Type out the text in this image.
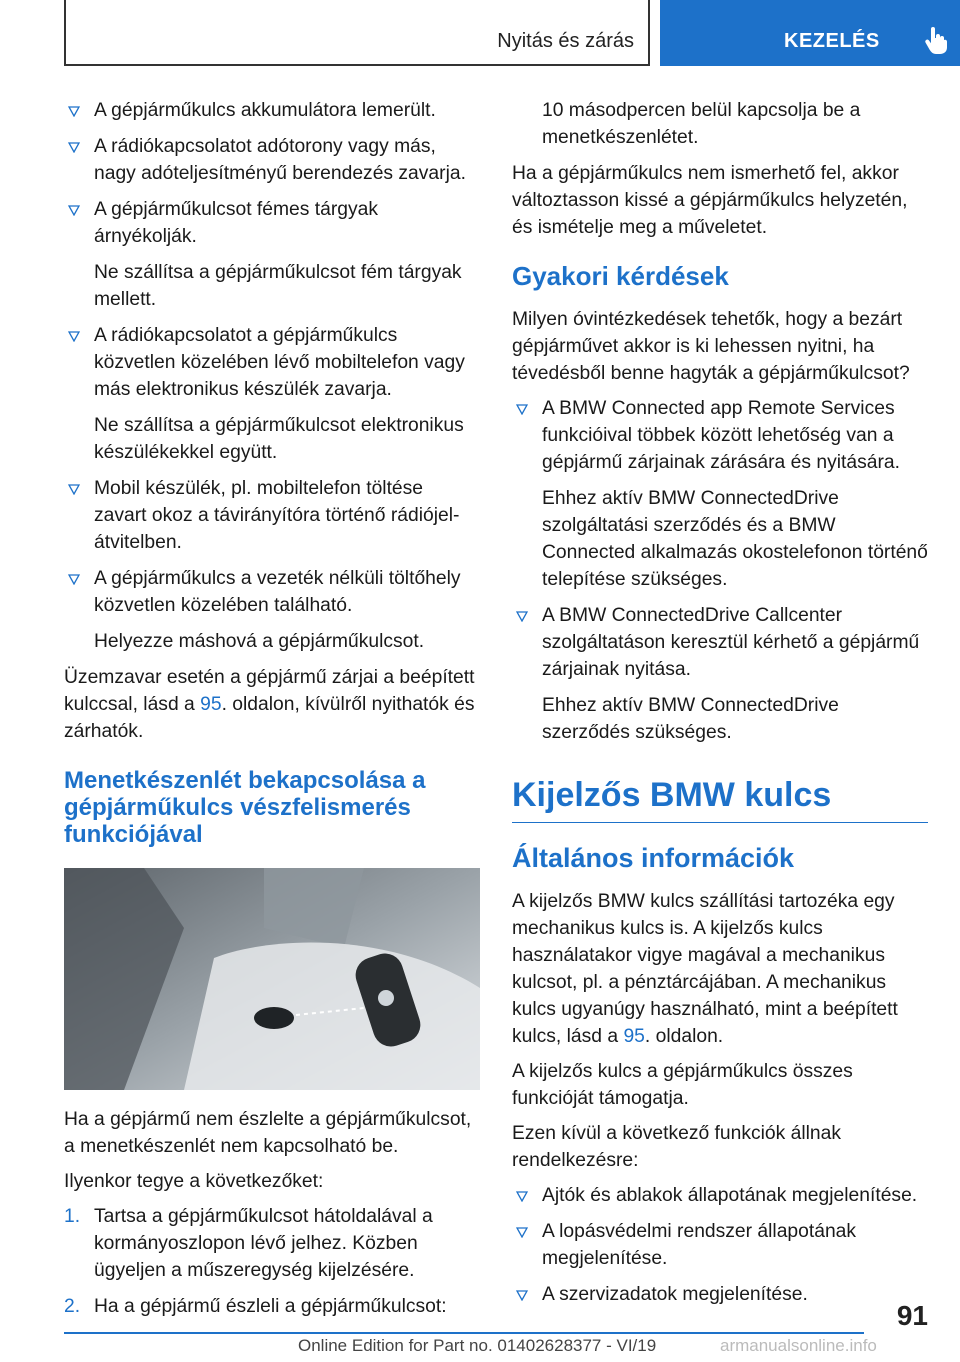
Nyitás és zárás	KEZELÉS

A gépjárműkulcs akkumulátora lemerült.

A rádiókapcsolatot adótorony vagy más, nagy adóteljesítményű berendezés zavarja.

A gépjárműkulcsot fémes tárgyak árnyékolják.

Ne szállítsa a gépjárműkulcsot fém tárgyak mellett.

A rádiókapcsolatot a gépjárműkulcs közvetlen közelében lévő mobiltelefon vagy más elektronikus készülék zavarja.

Ne szállítsa a gépjárműkulcsot elektronikus készülékekkel együtt.

Mobil készülék, pl. mobiltelefon töltése zavart okoz a távirányítóra történő rádiójel-átvitelben.

A gépjárműkulcs a vezeték nélküli töltőhely közvetlen közelében található.

Helyezze máshová a gépjárműkulcsot.

Üzemzavar esetén a gépjármű zárjai a beépített kulccsal, lásd a 95. oldalon, kívülről nyithatók és zárhatók.

Menetkészenlét bekapcsolása a gépjárműkulcs vészfelismerés funkciójával

Ha a gépjármű nem észlelte a gépjárműkulcsot, a menetkészenlét nem kapcsolható be.

Ilyenkor tegye a következőket:

1. Tartsa a gépjárműkulcsot hátoldalával a kormányoszlopon lévő jelhez. Közben ügyeljen a műszeregység kijelzésére.

2. Ha a gépjármű észleli a gépjárműkulcsot:

10 másodpercen belül kapcsolja be a menetkészenlétet.

Ha a gépjárműkulcs nem ismerhető fel, akkor változtasson kissé a gépjárműkulcs helyzetén, és ismételje meg a műveletet.

Gyakori kérdések

Milyen óvintézkedések tehetők, hogy a bezárt gépjárművet akkor is ki lehessen nyitni, ha tévedésből benne hagyták a gépjárműkulcsot?

A BMW Connected app Remote Services funkcióival többek között lehetőség van a gépjármű zárjainak zárására és nyitására.

Ehhez aktív BMW ConnectedDrive szolgáltatási szerződés és a BMW Connected alkalmazás okostelefonon történő telepítése szükséges.

A BMW ConnectedDrive Callcenter szolgáltatáson keresztül kérhető a gépjármű zárjainak nyitása.

Ehhez aktív BMW ConnectedDrive szerződés szükséges.

Kijelzős BMW kulcs
Általános információk

A kijelzős BMW kulcs szállítási tartozéka egy mechanikus kulcs is. A kijelzős kulcs használatakor vigye magával a mechanikus kulcsot, pl. a pénztárcájában. A mechanikus kulcs ugyanúgy használható, mint a beépített kulcs, lásd a 95. oldalon.

A kijelzős kulcs a gépjárműkulcs összes funkcióját támogatja.

Ezen kívül a következő funkciók állnak rendelkezésre:

Ajtók és ablakok állapotának megjelenítése.

A lopásvédelmi rendszer állapotának megjelenítése.

A szervizadatok megjelenítése.

91
Online Edition for Part no. 01402628377 - VI/19	armanualsonline.info
